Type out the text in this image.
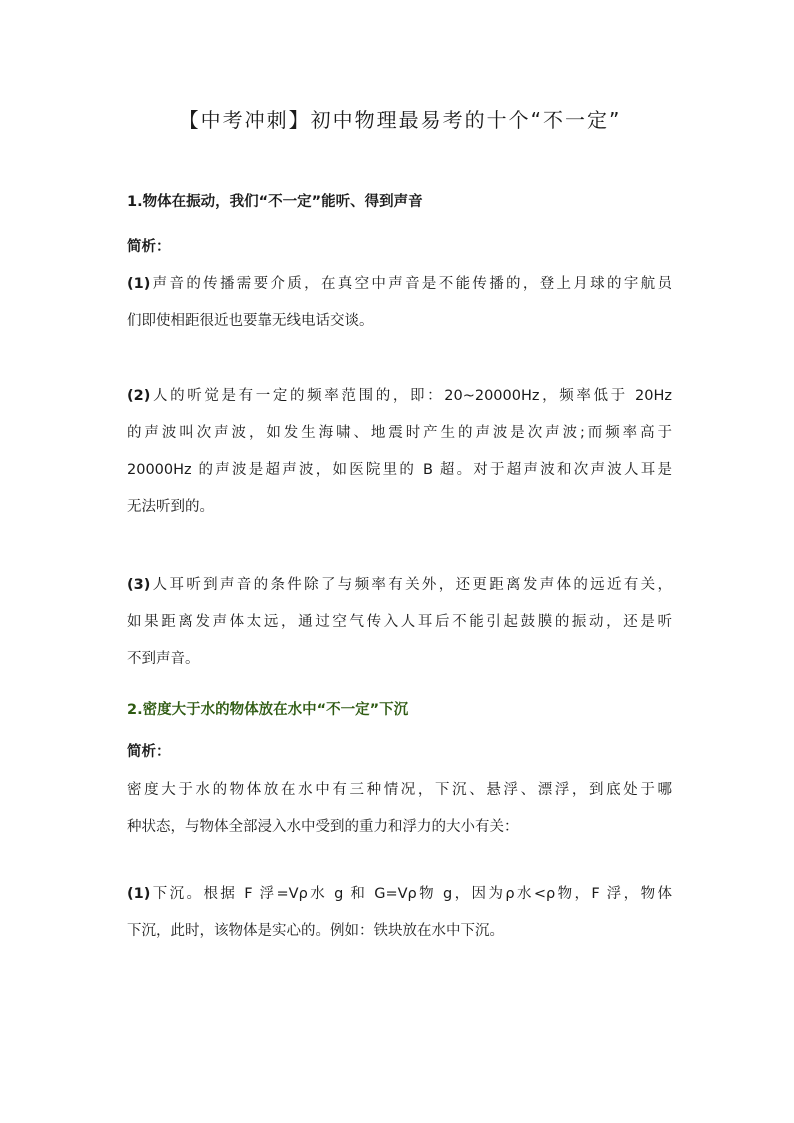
【中考冲刺】初中物理最易考的十个“不一定”
1.物体在振动，我们“不一定”能听、得到声音
简析：
(1)声音的传播需要介质，在真空中声音是不能传播的，登上月球的宇航员
们即使相距很近也要靠无线电话交谈。
(2)人的听觉是有一定的频率范围的，即：20~20000Hz，频率低于 20Hz
的声波叫次声波，如发生海啸、地震时产生的声波是次声波;而频率高于
20000Hz 的声波是超声波，如医院里的 B 超。对于超声波和次声波人耳是
无法听到的。
(3)人耳听到声音的条件除了与频率有关外，还更距离发声体的远近有关，
如果距离发声体太远，通过空气传入人耳后不能引起鼓膜的振动，还是听
不到声音。
2.密度大于水的物体放在水中“不一定”下沉
简析：
密度大于水的物体放在水中有三种情况，下沉、悬浮、漂浮，到底处于哪
种状态，与物体全部浸入水中受到的重力和浮力的大小有关：
(1)下沉。根据 F 浮=Vρ水 g 和 G=Vρ物 g，因为ρ水<ρ物，F 浮，物体
下沉，此时，该物体是实心的。例如：铁块放在水中下沉。
